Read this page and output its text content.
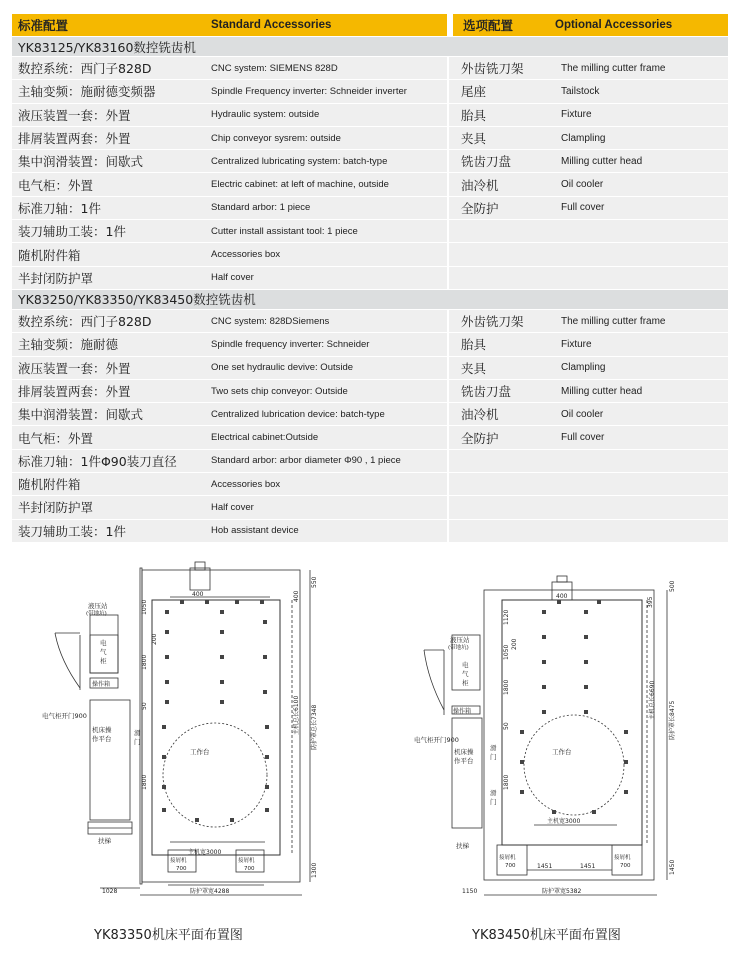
标准配置	Standard Accessories	选项配置	Optional Accessories
YK83125/YK83160数控铣齿机
数控系统：西门子828D	CNC system: SIEMENS 828D	外齿铣刀架	The milling cutter frame
主轴变频：施耐德变频器	Spindle Frequency inverter: Schneider inverter	尾座	Tailstock
液压装置一套：外置	Hydraulic system: outside	胎具	Fixture
排屑装置两套：外置	Chip conveyor sysrem: outside	夹具	Clampling
集中润滑装置：间歇式	Centralized lubricating system: batch-type	铣齿刀盘	Milling cutter head
电气柜：外置	Electric cabinet: at left of machine, outside	油冷机	Oil cooler
标准刀轴：1件	Standard arbor: 1 piece	全防护	Full cover
装刀辅助工装：1件	Cutter install assistant tool: 1 piece
随机附件箱	Accessories box
半封闭防护罩	Half cover
YK83250/YK83350/YK83450数控铣齿机
数控系统：西门子828D	CNC system: 828DSiemens	外齿铣刀架	The milling cutter frame
主轴变频：施耐德	Spindle frequency inverter: Schneider	胎具	Fixture
液压装置一套：外置	One set hydraulic devive: Outside	夹具	Clampling
排屑装置两套：外置	Two sets chip conveyor: Outside	铣齿刀盘	Milling cutter head
集中润滑装置：间歇式	Centralized lubrication device: batch-type	油冷机	Oil cooler
电气柜：外置	Electrical cabinet:Outside	全防护	Full cover
标准刀轴：1件Φ90装刀直径	Standard arbor: arbor diameter Φ90 , 1 piece
随机附件箱	Accessories box
半封闭防护罩	Half cover
装刀辅助工装：1件	Hob assistant device
液压站
(带地坑)
电
气
柜
操作箱
电气柜开门900
机床操
作平台
滑
门
工作台
扶梯
主机宽3000
接屑机
700
接屑机
700
防护罩宽4288
1028
400
1050
200
1800
50
1800
主机总长6100 防护罩总长7348
550
400
1300
液压站
(带地坑)
电
气
柜
操作箱
电气柜开门900
机床操
作平台
滑
门
滑
门
工作台
扶梯
主机宽3000
接屑机
700
接屑机
700
1451	1451
防护罩宽5382
1150
400
1120
1050
200
1800
50
1800
主机总长6690
防护罩长8475
500
395
1450
YK83350机床平面布置图	YK83450机床平面布置图
